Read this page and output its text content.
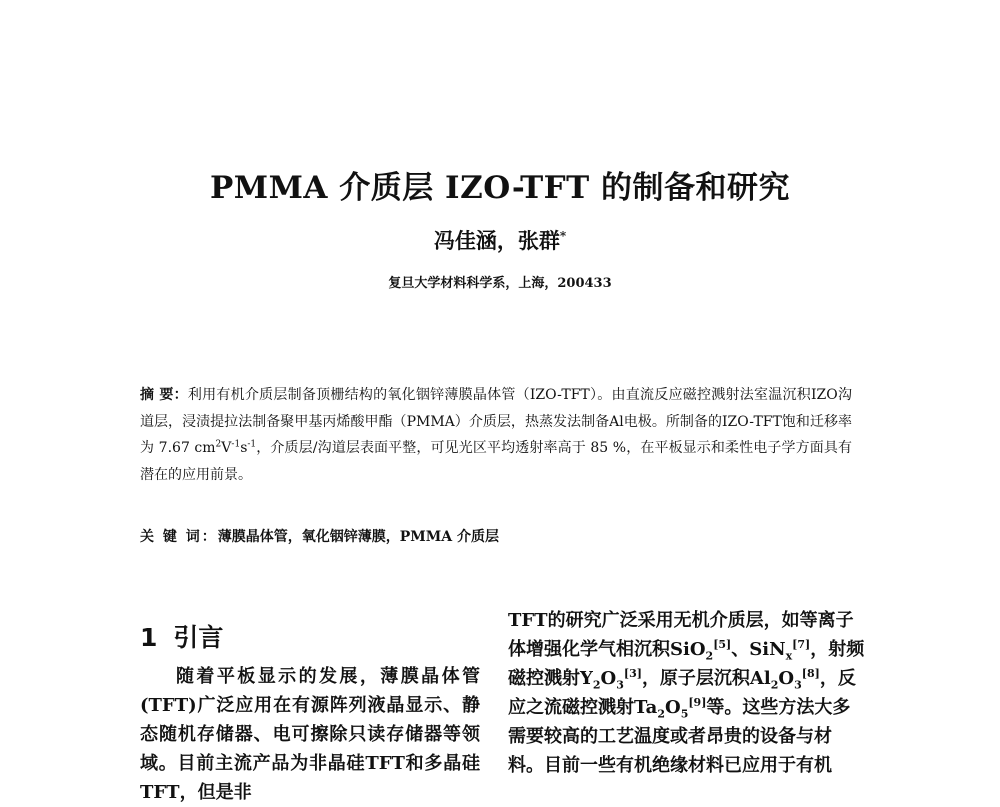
PMMA 介质层 IZO-TFT 的制备和研究
冯佳涵，张群*
复旦大学材料科学系，上海，200433
摘 要：利用有机介质层制备顶栅结构的氧化铟锌薄膜晶体管（IZO-TFT）。由直流反应磁控溅射法室温沉积IZO沟道层，浸渍提拉法制备聚甲基丙烯酸甲酯（PMMA）介质层，热蒸发法制备Al电极。所制备的IZO-TFT饱和迁移率为 7.67 $cm^2V^{-1}s^{-1}$，介质层/沟道层表面平整，可见光区平均透射率高于 85 %，在平板显示和柔性电子学方面具有潜在的应用前景。
关 键 词：薄膜晶体管，氧化铟锌薄膜，PMMA 介质层
1 引言

随着平板显示的发展，薄膜晶体管(TFT)广泛应用在有源阵列液晶显示、静态随机存储器、电可擦除只读存储器等领域。目前主流产品为非晶硅TFT和多晶硅TFT，但是非

TFT的研究广泛采用无机介质层，如等离子
体增强化学气相沉积SiO$_2$[5]、SiN$_x$[7]，射频
磁控溅射$Y_2O_3[3]$，原子层沉积$Al_2O_3[8]$，反
应之流磁控溅射$Ta_2O_5[9]$等。这些方法大多
需要较高的工艺温度或者昂贵的设备与材
料。目前一些有机绝缘材料已应用于有机
